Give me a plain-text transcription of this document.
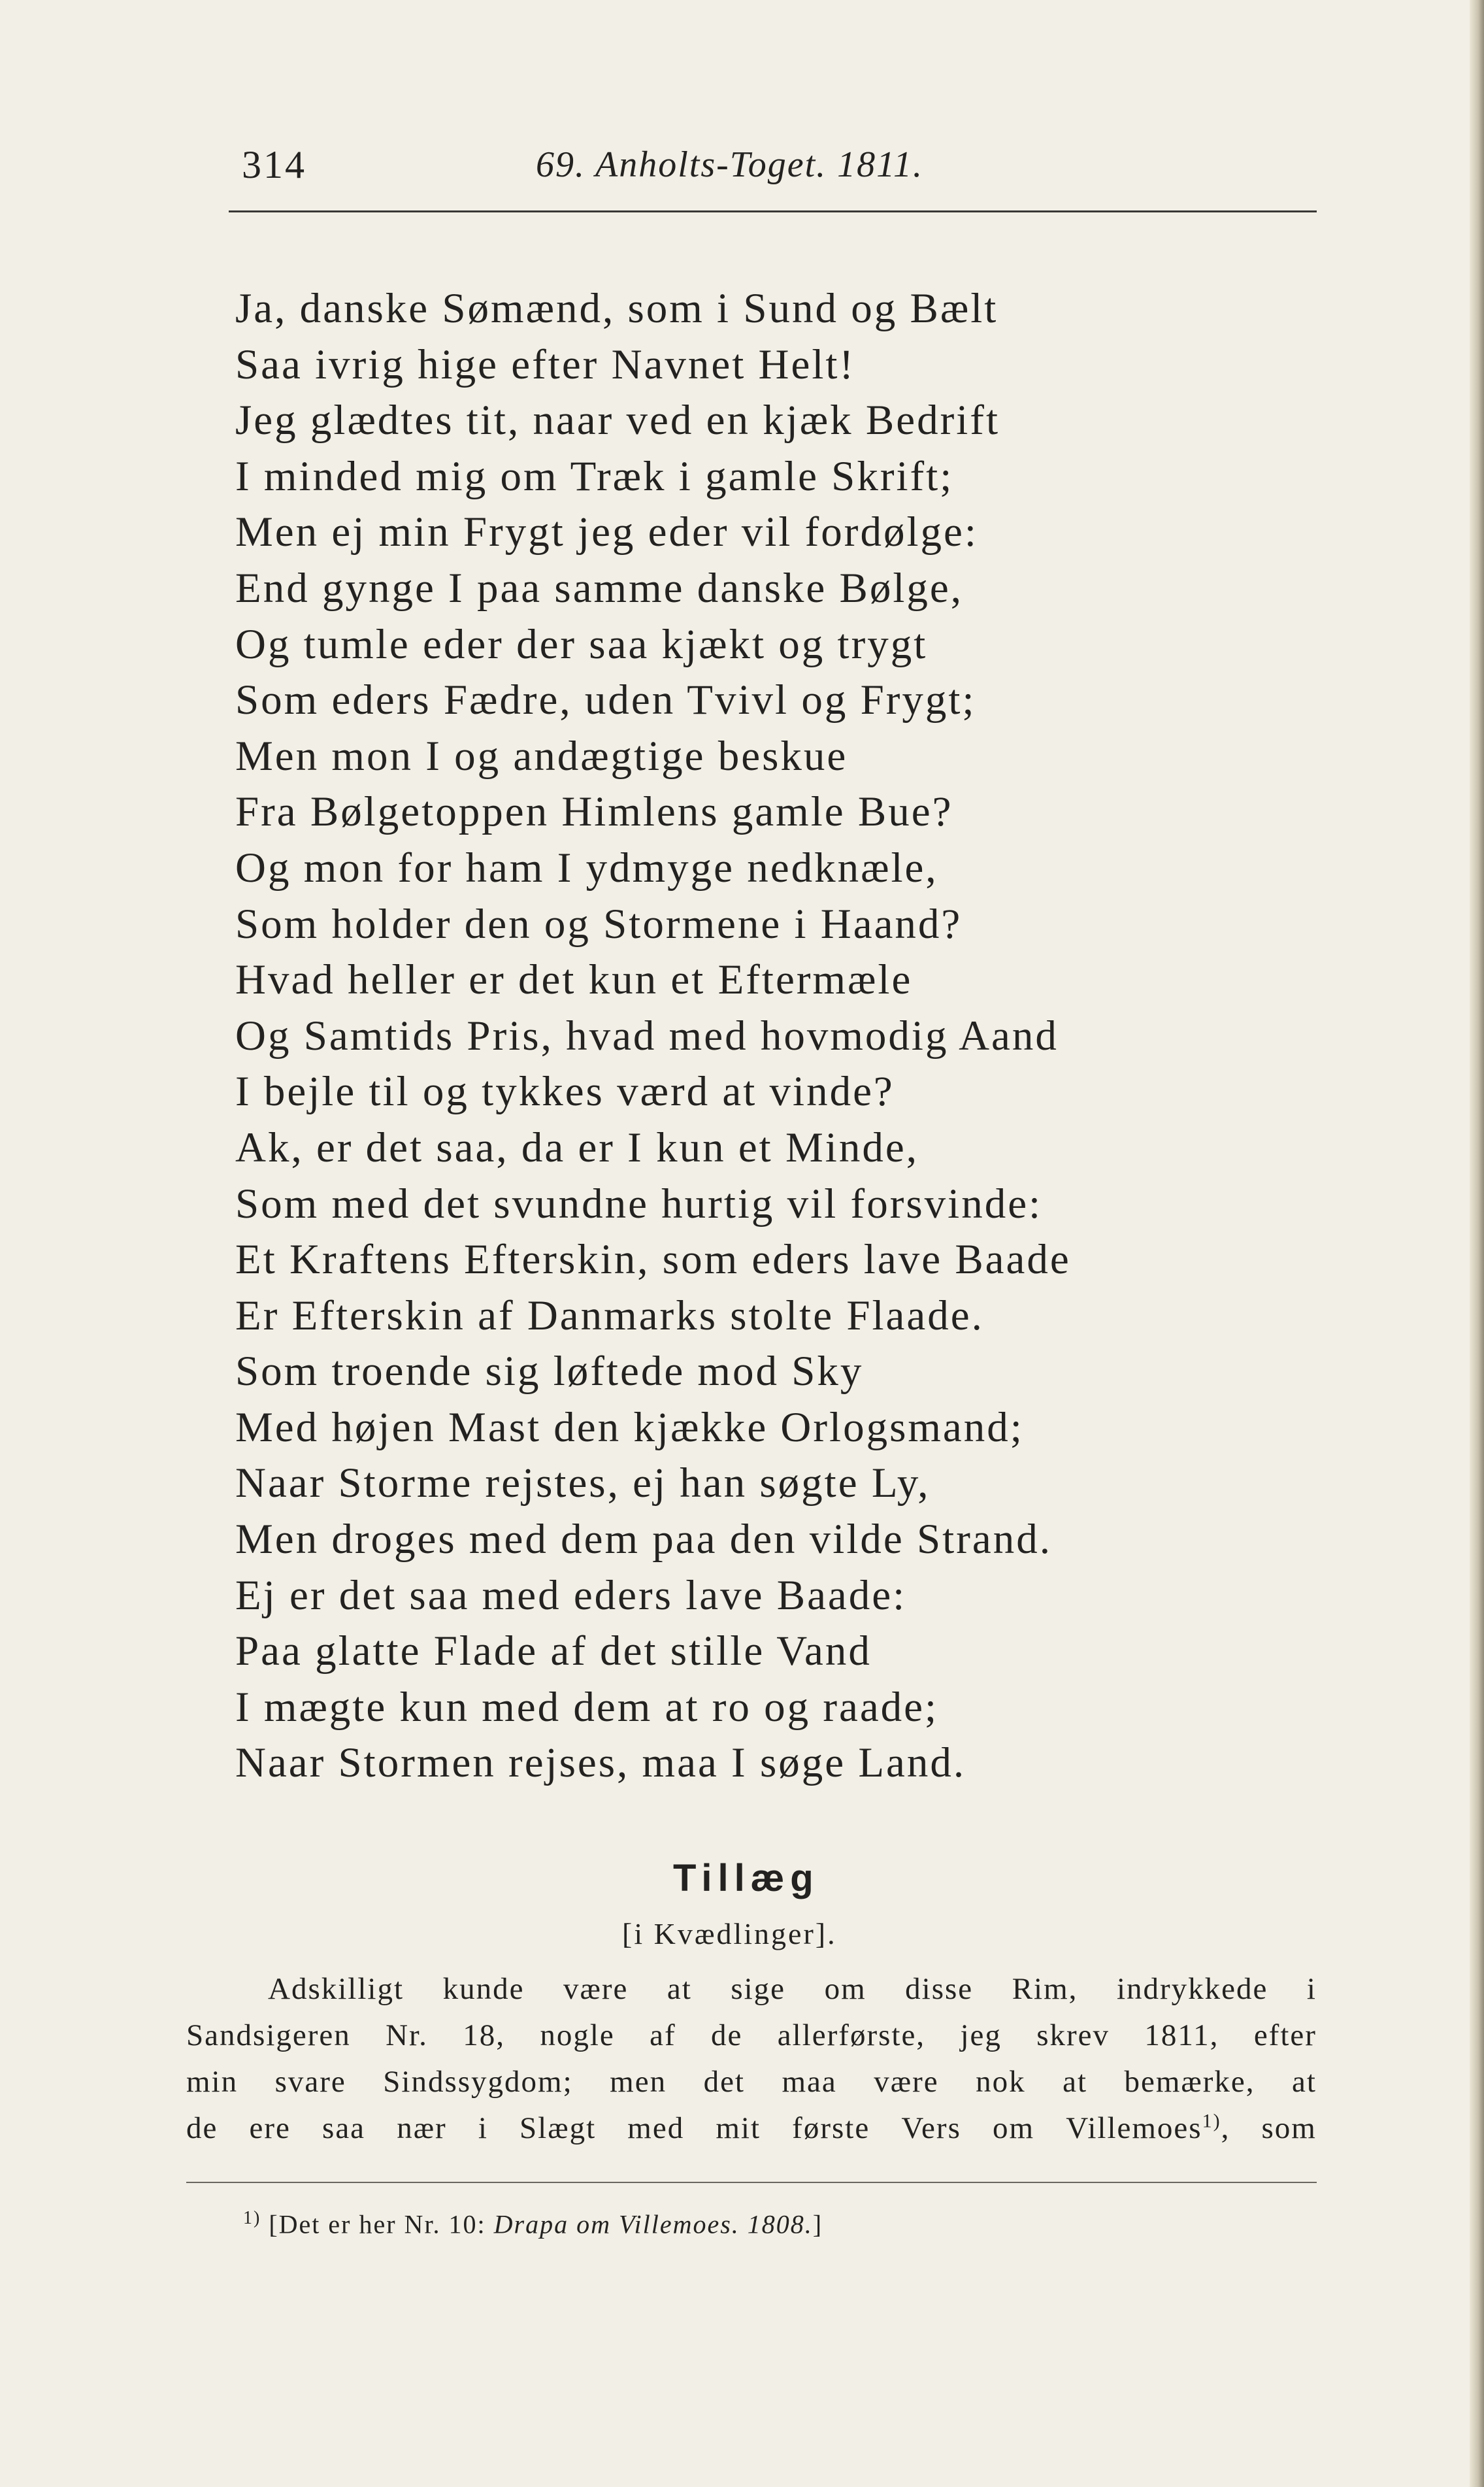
314	69. Anholts-Toget. 1811.
Ja, danske Sømænd, som i Sund og Bælt
Saa ivrig hige efter Navnet Helt!
Jeg glædtes tit, naar ved en kjæk Bedrift
I minded mig om Træk i gamle Skrift;
Men ej min Frygt jeg eder vil fordølge:
End gynge I paa samme danske Bølge,
Og tumle eder der saa kjækt og trygt
Som eders Fædre, uden Tvivl og Frygt;
Men mon I og andægtige beskue
Fra Bølgetoppen Himlens gamle Bue?
Og mon for ham I ydmyge nedknæle,
Som holder den og Stormene i Haand?
Hvad heller er det kun et Eftermæle
Og Samtids Pris, hvad med hovmodig Aand
I bejle til og tykkes værd at vinde?
Ak, er det saa, da er I kun et Minde,
Som med det svundne hurtig vil forsvinde:
Et Kraftens Efterskin, som eders lave Baade
Er Efterskin af Danmarks stolte Flaade.
Som troende sig løftede mod Sky
Med højen Mast den kjække Orlogsmand;
Naar Storme rejstes, ej han søgte Ly,
Men droges med dem paa den vilde Strand.
Ej er det saa med eders lave Baade:
Paa glatte Flade af det stille Vand
I mægte kun med dem at ro og raade;
Naar Stormen rejses, maa I søge Land.
Tillæg
[i Kvædlinger].
Adskilligt kunde være at sige om disse Rim, indrykkede i
Sandsigeren Nr. 18, nogle af de allerførste, jeg skrev 1811, efter
min svare Sindssygdom; men det maa være nok at bemærke, at
de ere saa nær i Slægt med mit første Vers om Villemoes$^{1)}$, som
$^{1)}$ [Det er her Nr. 10: Drapa om Villemoes. 1808.]
